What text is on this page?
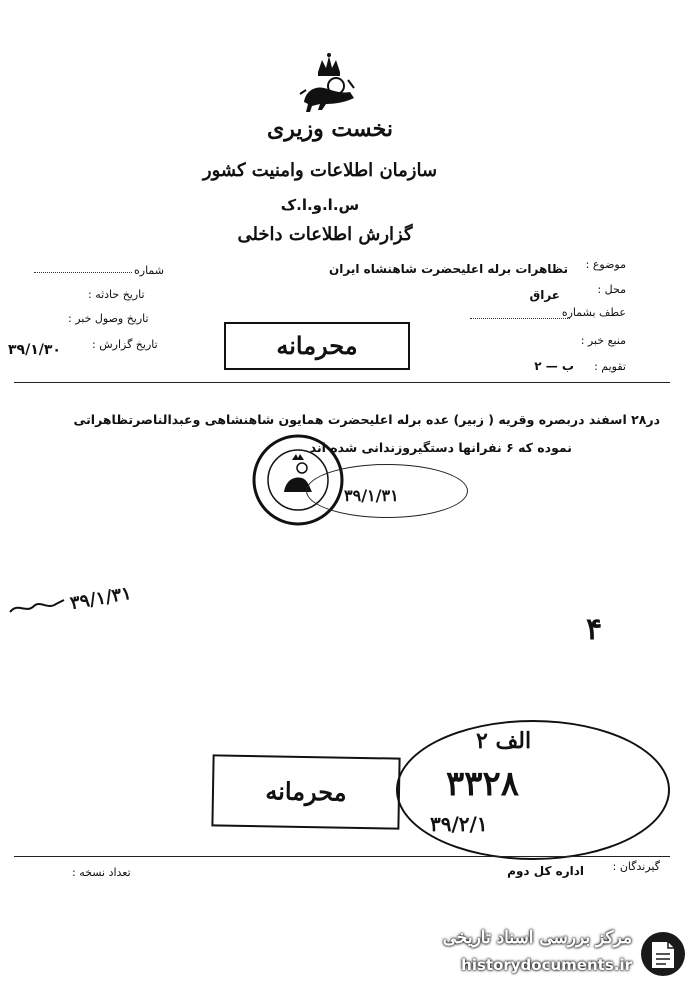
نخست وزیری
سازمان اطلاعات وامنیت کشور
س.ا.و.ا.ک
گزارش اطلاعات داخلی
موضوع :
تظاهرات برله اعلیحضرت شاهنشاه ایران
محل :
عراق
عطف بشماره
منبع خبر :
تقویم :
ب — ۲
شماره
تاریخ حادثه :
تاریخ وصول خبر :
تاریخ گزارش :
۳۹/۱/۳۰	محرمانه
در۲۸ اسفند دربصره وقریه ( زبیر) عده برله اعلیحضرت همایون شاهنشاهی وعبدالناصرتظاهراتی
نموده که ۶ نفرانها دستگیروزندانی شده اند
۳۹/۱/۳۱
۳۹/۱/۳۱
۴
محرمانه
الف ۲
۳۳۲۸
۳۹/۲/۱
گیرندگان :
اداره کل دوم
تعداد نسخه :
مرکز بررسی اسناد تاریخی
historydocuments.ir
